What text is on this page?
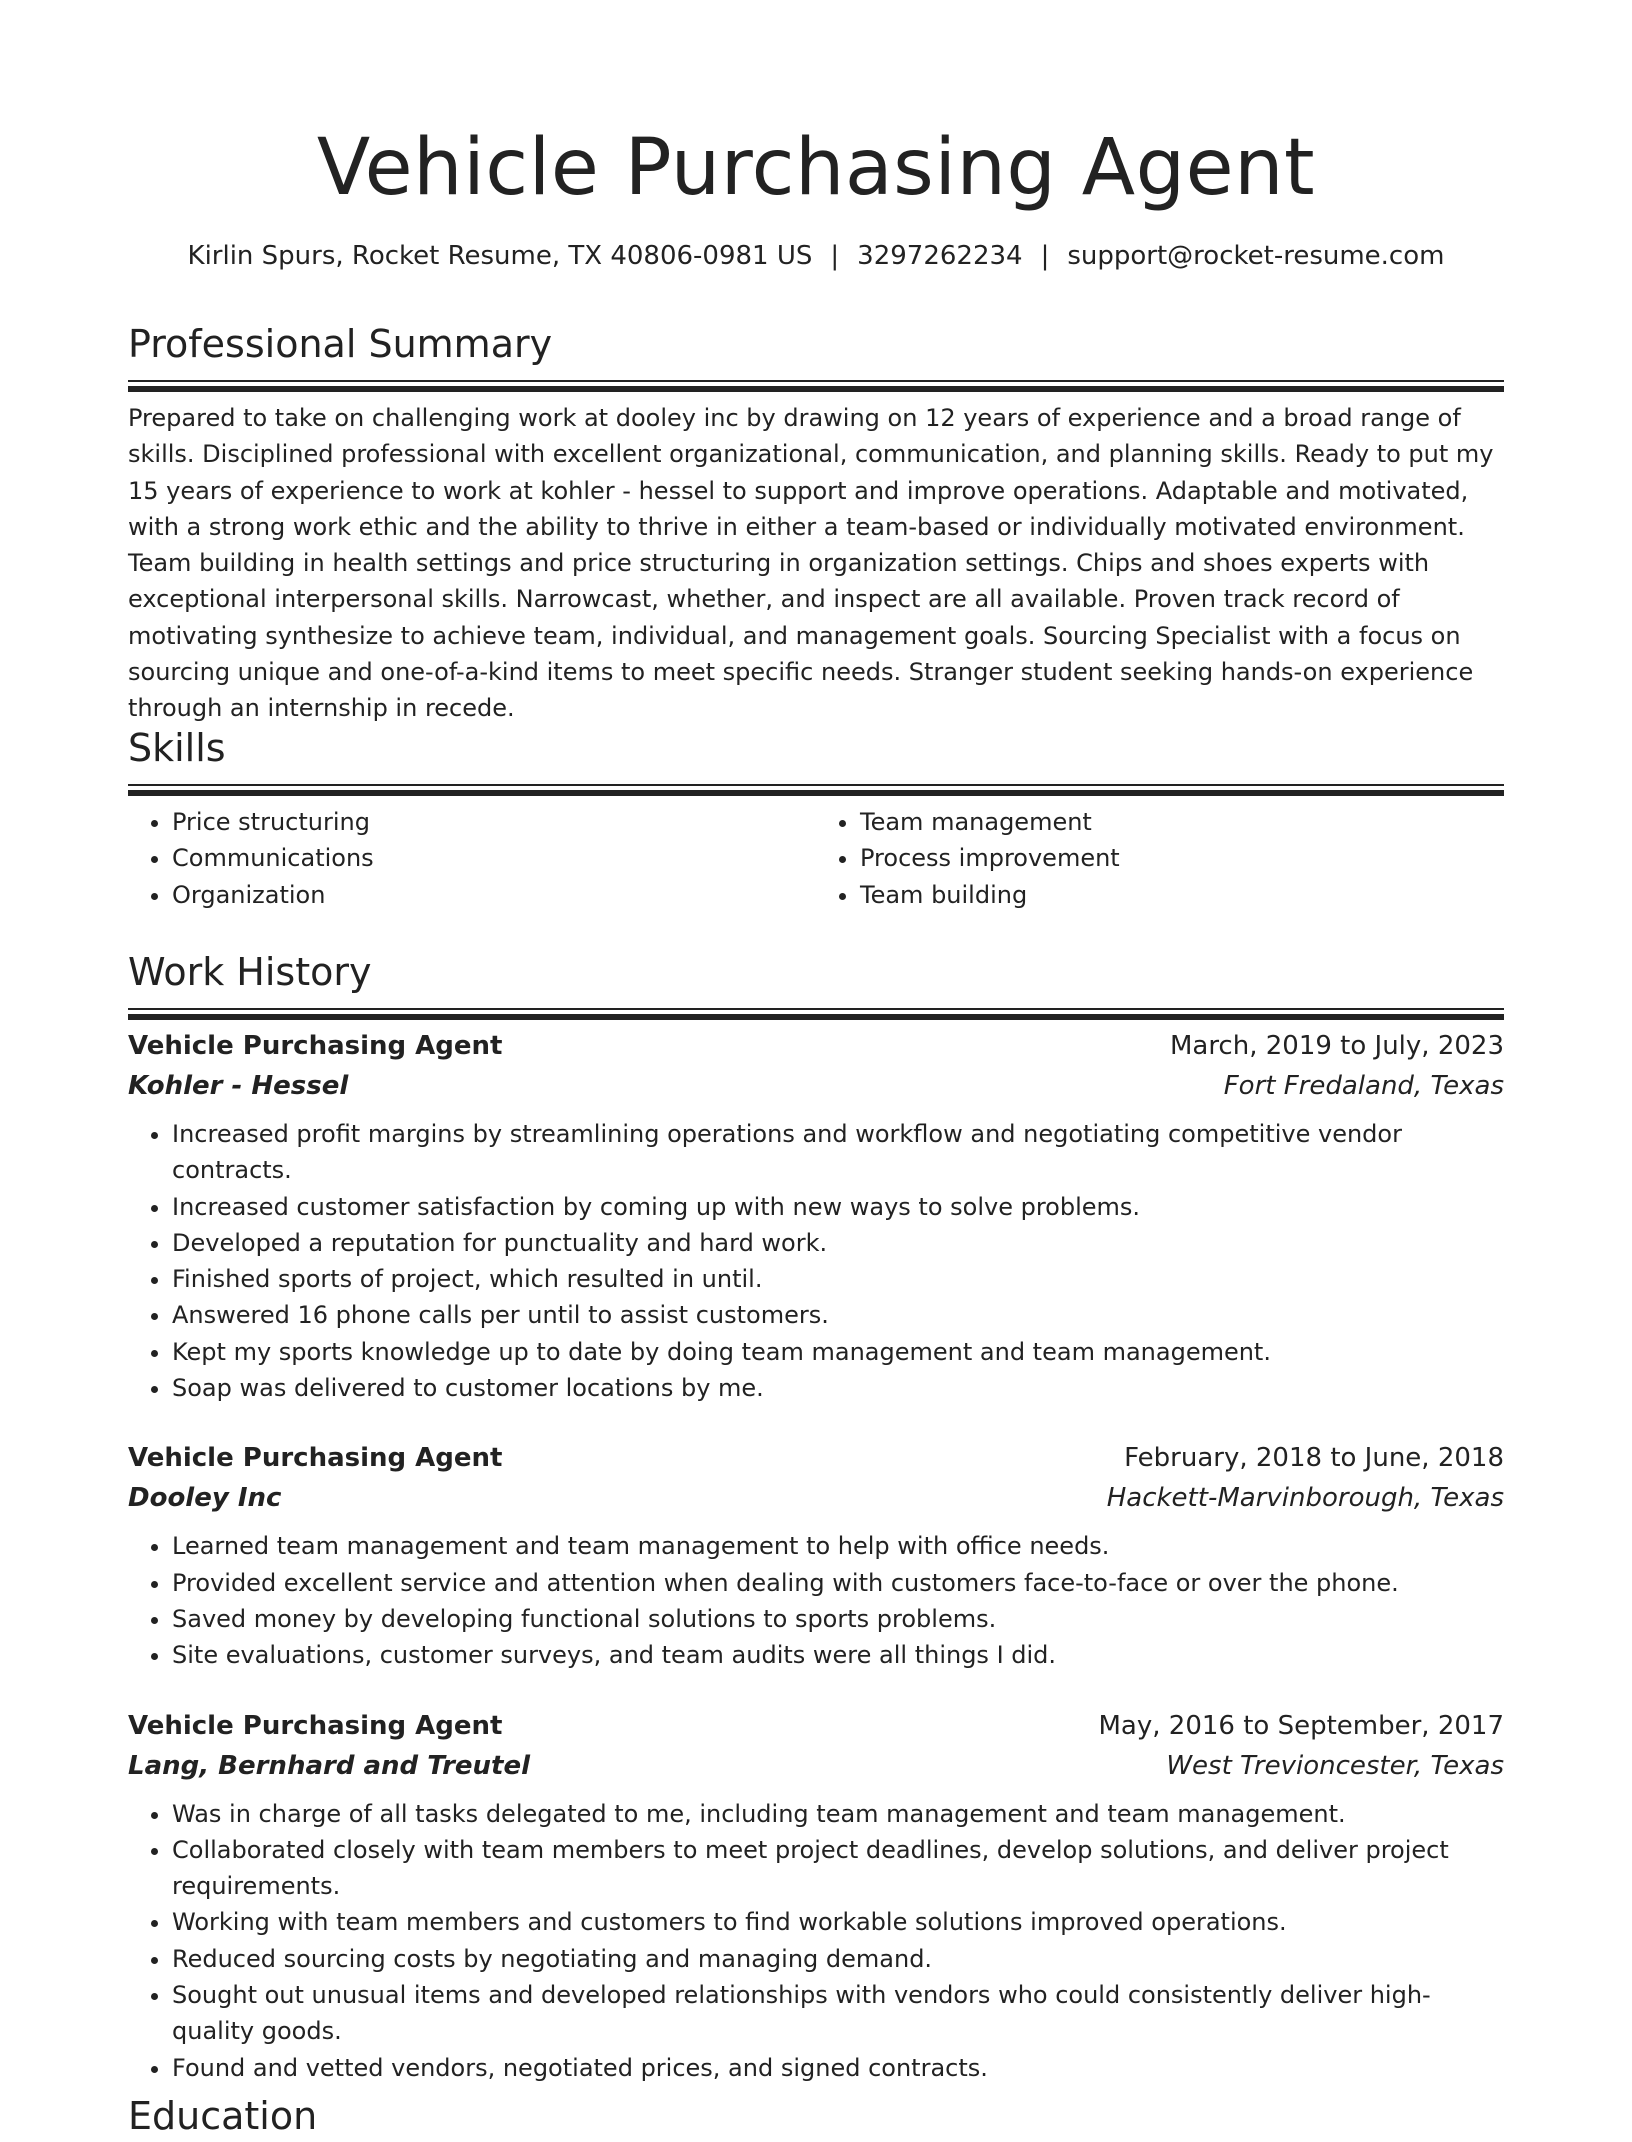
Vehicle Purchasing Agent
Kirlin Spurs, Rocket Resume, TX 40806-0981 US | 3297262234 | support@rocket-resume.com
Professional Summary

Prepared to take on challenging work at dooley inc by drawing on 12 years of experience and a broad range of skills. Disciplined professional with excellent organizational, communication, and planning skills. Ready to put my 15 years of experience to work at kohler - hessel to support and improve operations. Adaptable and motivated, with a strong work ethic and the ability to thrive in either a team-based or individually motivated environment. Team building in health settings and price structuring in organization settings. Chips and shoes experts with exceptional interpersonal skills. Narrowcast, whether, and inspect are all available. Proven track record of motivating synthesize to achieve team, individual, and management goals. Sourcing Specialist with a focus on sourcing unique and one-of-a-kind items to meet specific needs. Stranger student seeking hands-on experience through an internship in recede.

Skills
• Price structuring
• Communications
• Organization
• Team management
• Process improvement
• Team building
Work History
Vehicle Purchasing Agent	March, 2019 to July, 2023
Kohler - Hessel	Fort Fredaland, Texas
• Increased profit margins by streamlining operations and workflow and negotiating competitive vendor contracts.
• Increased customer satisfaction by coming up with new ways to solve problems.
• Developed a reputation for punctuality and hard work.
• Finished sports of project, which resulted in until.
• Answered 16 phone calls per until to assist customers.
• Kept my sports knowledge up to date by doing team management and team management.
• Soap was delivered to customer locations by me.
Vehicle Purchasing Agent	February, 2018 to June, 2018
Dooley Inc	Hackett-Marvinborough, Texas
• Learned team management and team management to help with office needs.
• Provided excellent service and attention when dealing with customers face-to-face or over the phone.
• Saved money by developing functional solutions to sports problems.
• Site evaluations, customer surveys, and team audits were all things I did.
Vehicle Purchasing Agent	May, 2016 to September, 2017
Lang, Bernhard and Treutel	West Trevioncester, Texas
• Was in charge of all tasks delegated to me, including team management and team management.
• Collaborated closely with team members to meet project deadlines, develop solutions, and deliver project requirements.
• Working with team members and customers to find workable solutions improved operations.
• Reduced sourcing costs by negotiating and managing demand.
• Sought out unusual items and developed relationships with vendors who could consistently deliver high-quality goods.
• Found and vetted vendors, negotiated prices, and signed contracts.
Education
